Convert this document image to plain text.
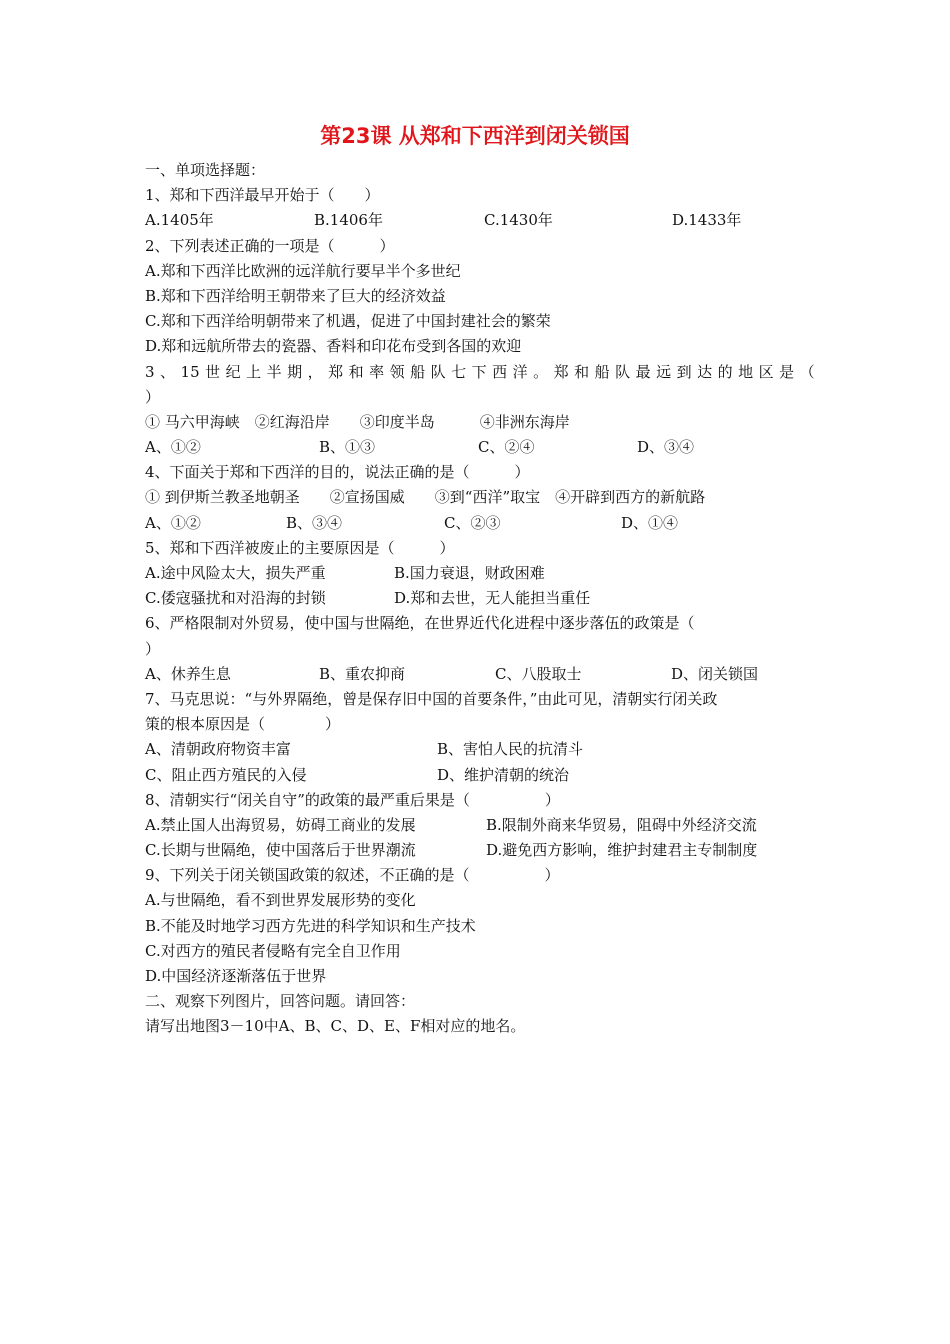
第23课 从郑和下西洋到闭关锁国
一、单项选择题：
1、郑和下西洋最早开始于（　　）
A.1405年	B.1406年	C.1430年	D.1433年
2、下列表述正确的一项是（　　　）
A.郑和下西洋比欧洲的远洋航行要早半个多世纪
B.郑和下西洋给明王朝带来了巨大的经济效益
C.郑和下西洋给明朝带来了机遇，促进了中国封建社会的繁荣
D.郑和远航所带去的瓷器、香料和印花布受到各国的欢迎
3 、 15 世 纪 上 半 期 ， 郑 和 率 领 船 队 七 下 西 洋 。 郑 和 船 队 最 远 到 达 的 地 区 是 （
）
① 马六甲海峡　②红海沿岸　　③印度半岛　　　④非洲东海岸
A、①②	B、①③	C、②④	D、③④
4、下面关于郑和下西洋的目的，说法正确的是（　　　）
① 到伊斯兰教圣地朝圣　　②宣扬国威　　③到“西洋”取宝　④开辟到西方的新航路
A、①②	B、③④	C、②③	D、①④
5、郑和下西洋被废止的主要原因是（　　　）
A.途中风险太大，损失严重	B.国力衰退，财政困难
C.倭寇骚扰和对沿海的封锁	D.郑和去世，无人能担当重任
6、严格限制对外贸易，使中国与世隔绝，在世界近代化进程中逐步落伍的政策是（
）
A、休养生息	B、重农抑商	C、八股取士	D、闭关锁国
7、马克思说：“与外界隔绝，曾是保存旧中国的首要条件，”由此可见，清朝实行闭关政
策的根本原因是（　　　　）
A、清朝政府物资丰富	B、害怕人民的抗清斗
C、阻止西方殖民的入侵	D、维护清朝的统治
8、清朝实行“闭关自守”的政策的最严重后果是（　　　　　）
A.禁止国人出海贸易，妨碍工商业的发展	B.限制外商来华贸易，阻碍中外经济交流
C.长期与世隔绝，使中国落后于世界潮流	D.避免西方影响，维护封建君主专制制度
9、下列关于闭关锁国政策的叙述，不正确的是（　　　　　）
A.与世隔绝，看不到世界发展形势的变化
B.不能及时地学习西方先进的科学知识和生产技术
C.对西方的殖民者侵略有完全自卫作用
D.中国经济逐渐落伍于世界
二、观察下列图片，回答问题。请回答：
请写出地图3－10中A、B、C、D、E、F相对应的地名。
